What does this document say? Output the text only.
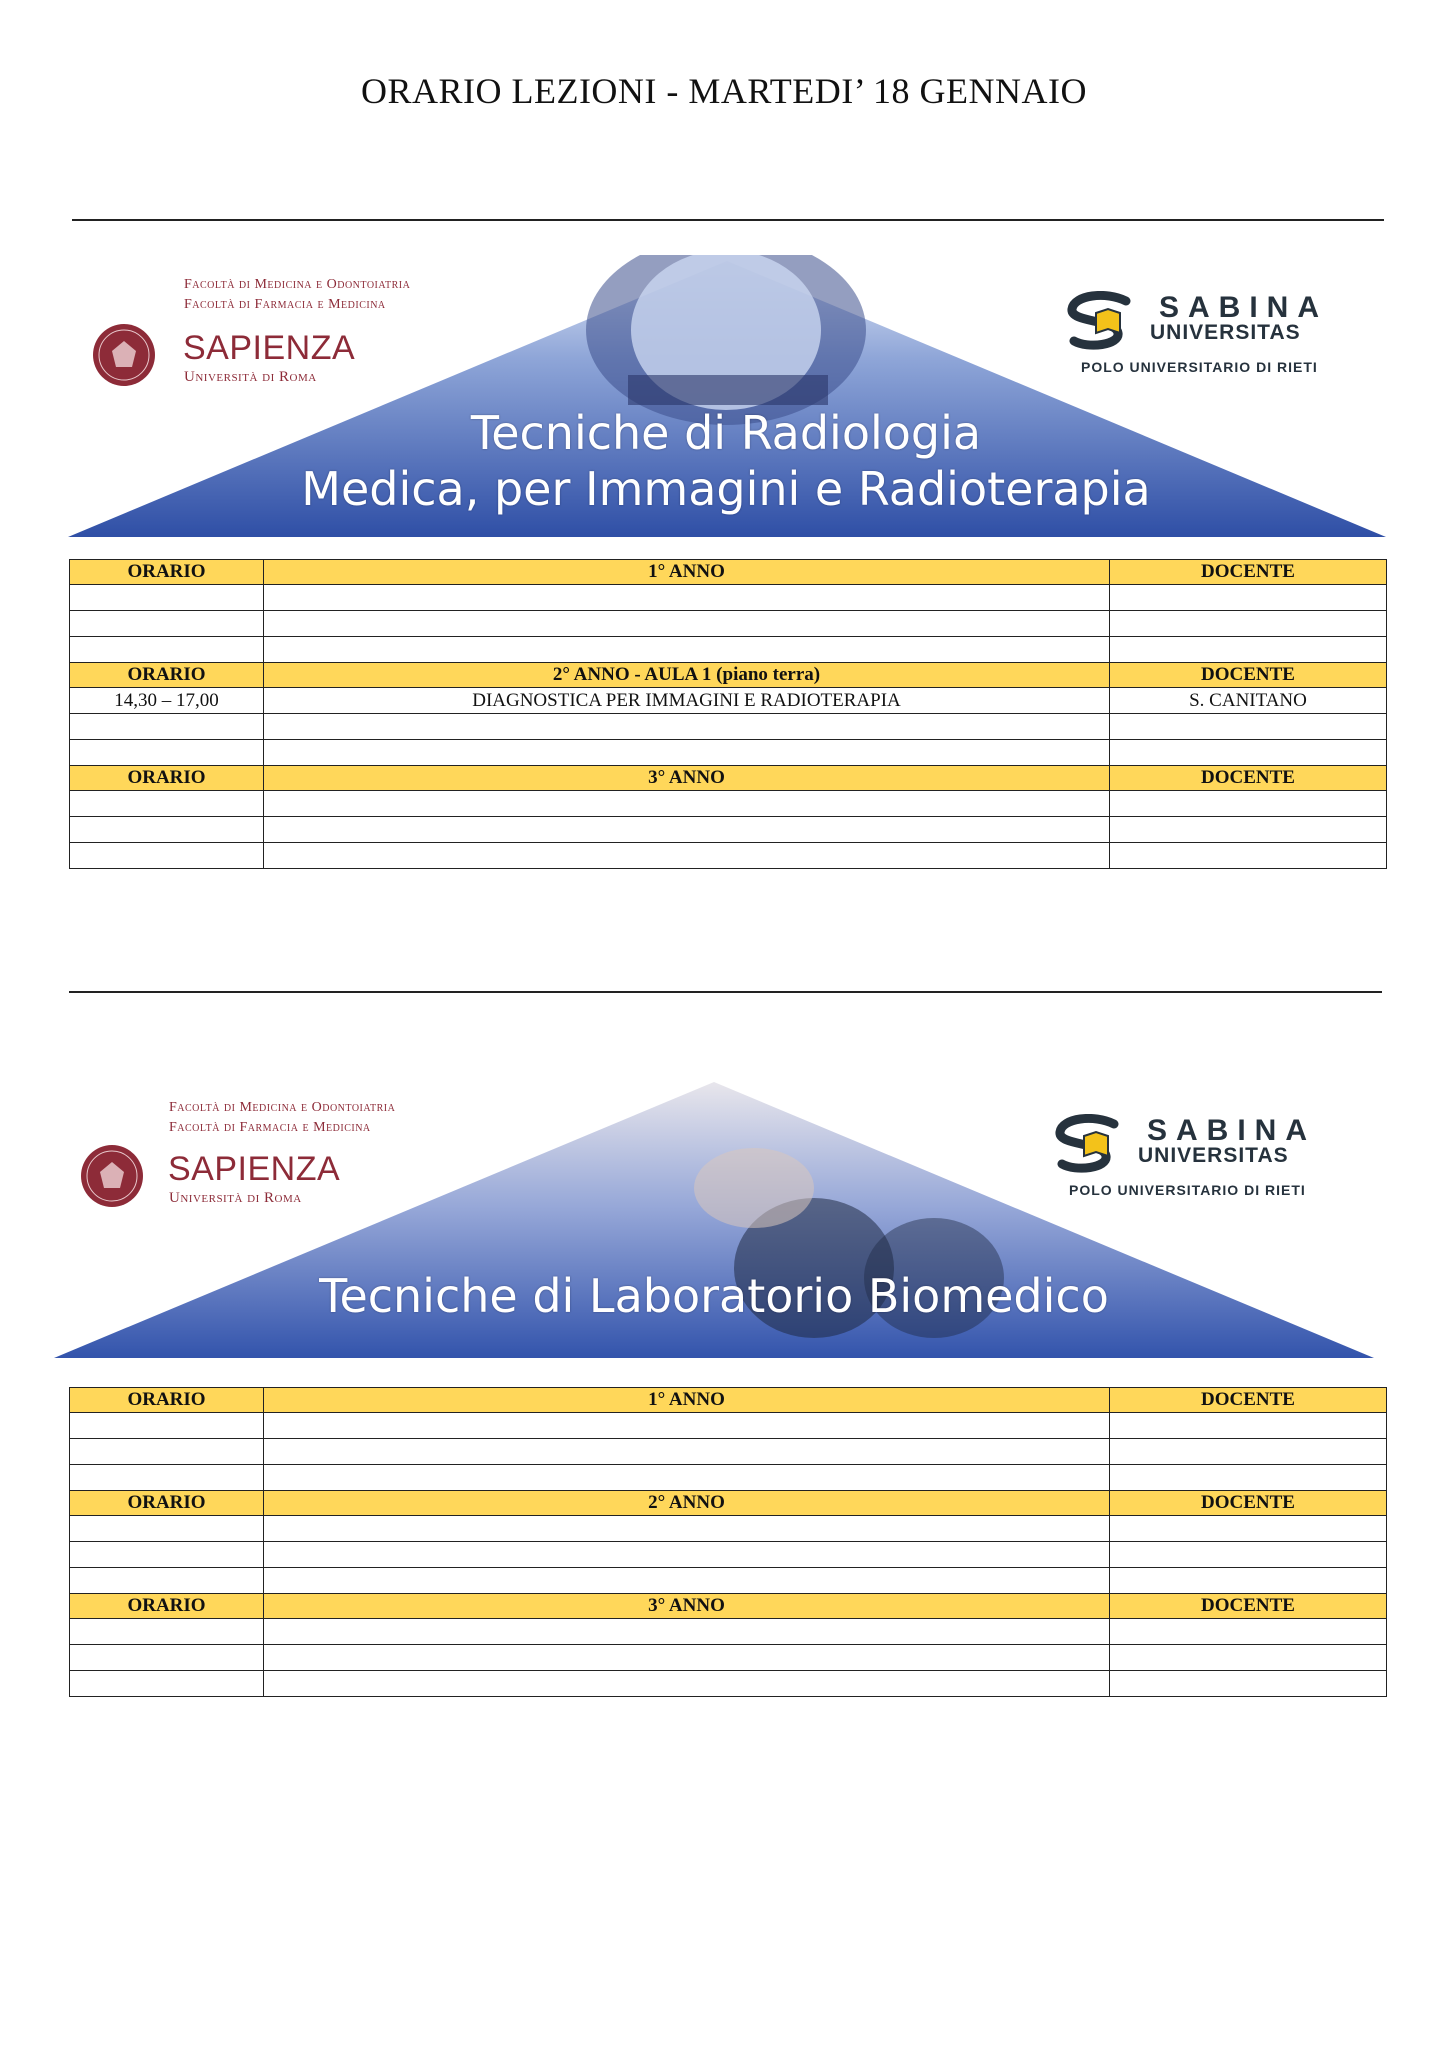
ORARIO LEZIONI - MARTEDI’ 18 GENNAIO
Facoltà di Medicina e Odontoiatria
Facoltà di Farmacia e Medicina
SAPIENZA
Università di Roma
SABINA
UNIVERSITAS
POLO UNIVERSITARIO DI RIETI
Tecniche di Radiologia
Medica, per Immagini e Radioterapia
ORARIO	1° ANNO	DOCENTE

ORARIO	2° ANNO - AULA 1 (piano terra)	DOCENTE
14,30 – 17,00	DIAGNOSTICA PER IMMAGINI E RADIOTERAPIA	S. CANITANO

ORARIO	3° ANNO	DOCENTE

Facoltà di Medicina e Odontoiatria
Facoltà di Farmacia e Medicina
SAPIENZA
Università di Roma
SABINA
UNIVERSITAS
POLO UNIVERSITARIO DI RIETI
Tecniche di Laboratorio Biomedico
ORARIO	1° ANNO	DOCENTE

ORARIO	2° ANNO	DOCENTE

ORARIO	3° ANNO	DOCENTE
